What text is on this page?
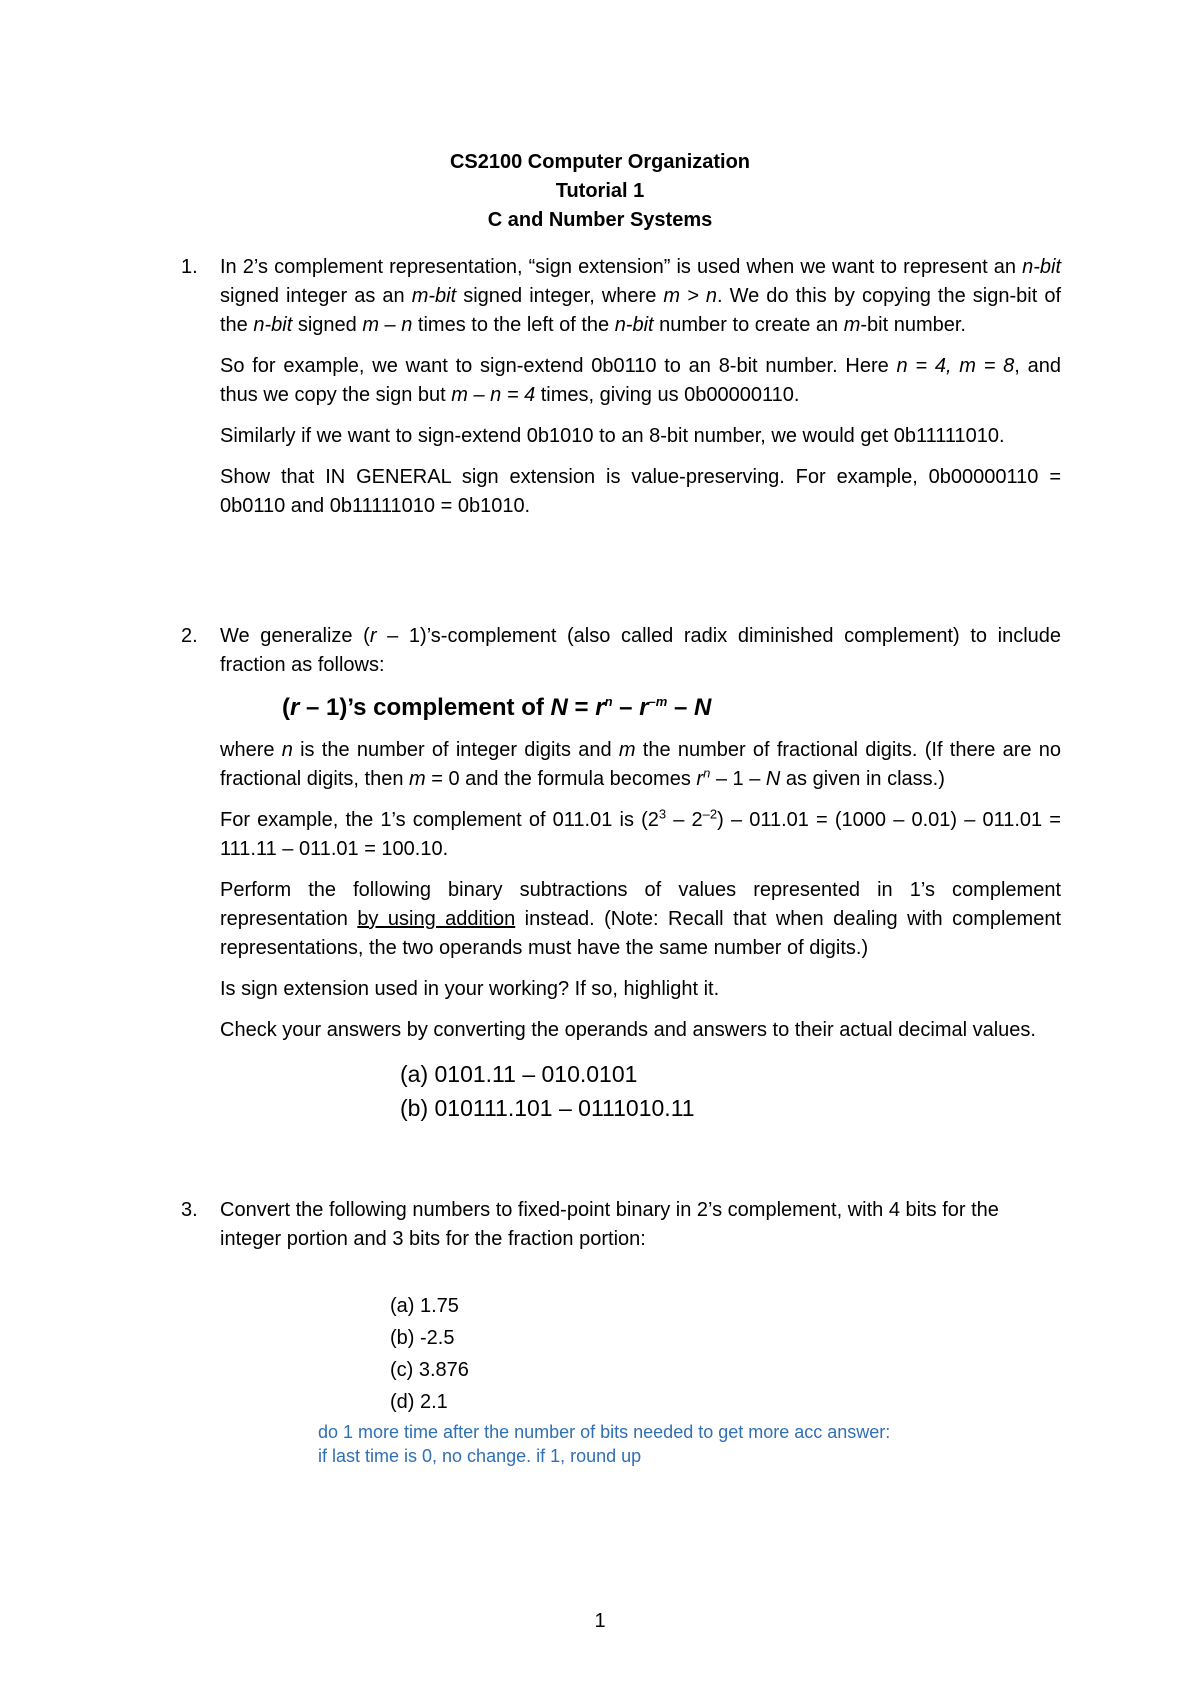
CS2100 Computer Organization
Tutorial 1
C and Number Systems
1. In 2’s complement representation, “sign extension” is used when we want to represent an n-bit signed integer as an m-bit signed integer, where m > n. We do this by copying the sign-bit of the n-bit signed m – n times to the left of the n-bit number to create an m-bit number.

So for example, we want to sign-extend 0b0110 to an 8-bit number. Here n = 4, m = 8, and thus we copy the sign but m – n = 4 times, giving us 0b00000110.

Similarly if we want to sign-extend 0b1010 to an 8-bit number, we would get 0b11111010.

Show that IN GENERAL sign extension is value-preserving. For example, 0b00000110 = 0b0110 and 0b11111010 = 0b1010.

2. We generalize (r – 1)’s-complement (also called radix diminished complement) to include fraction as follows:

(r – 1)’s complement of $N = r^n - r^{-m} - N$

where n is the number of integer digits and m the number of fractional digits. (If there are no fractional digits, then m = 0 and the formula becomes $r^n - 1$ – N as given in class.)

For example, the 1’s complement of 011.01 is $(2^3 - 2^{-2}) - 011.01 = (1000 - 0.01) - 011.01 = 111.11 - 011.01 = 100.10$.

Perform the following binary subtractions of values represented in 1’s complement representation by using addition instead. (Note: Recall that when dealing with complement representations, the two operands must have the same number of digits.)

Is sign extension used in your working? If so, highlight it.

Check your answers by converting the operands and answers to their actual decimal values.

(a) 0101.11 – 010.0101
(b) 010111.101 – 0111010.11
3. Convert the following numbers to fixed-point binary in 2’s complement, with 4 bits for the integer portion and 3 bits for the fraction portion:

(a) 1.75
(b) -2.5
(c) 3.876
(d) 2.1
do 1 more time after the number of bits needed to get more acc answer:
if last time is 0, no change. if 1, round up
1
